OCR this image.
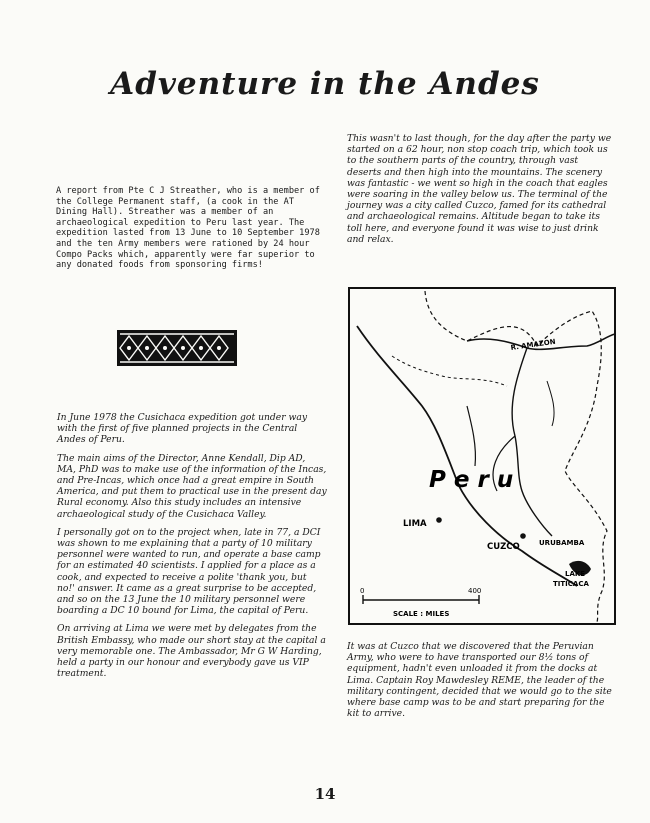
Adventure in the Andes
A report from Pte C J Streather, who is a member of the College Permanent staff, (a cook in the AT Dining Hall). Streather was a member of an archaeological expedition to Peru last year. The expedition lasted from 13 June to 10 September 1978 and the ten Army members were rationed by 24 hour Compo Packs which, apparently were far superior to any donated foods from sponsoring firms!
This wasn't to last though, for the day after the party we started on a 62 hour, non stop coach trip, which took us to the southern parts of the country, through vast deserts and then high into the mountains. The scenery was fantastic - we went so high in the coach that eagles were soaring in the valley below us. The terminal of the journey was a city called Cuzco, famed for its cathedral and archaeological remains. Altitude began to take its toll here, and everyone found it was wise to just drink and relax.

In June 1978 the Cusichaca expedition got under way with the first of five planned projects in the Central Andes of Peru.

The main aims of the Director, Anne Kendall, Dip AD, MA, PhD was to make use of the information of the Incas, and Pre-Incas, which once had a great empire in South America, and put them to practical use in the present day Rural economy. Also this study includes an intensive archaeological study of the Cusichaca Valley.

I personally got on to the project when, late in 77, a DCI was shown to me explaining that a party of 10 military personnel were wanted to run, and operate a base camp for an estimated 40 scientists. I applied for a place as a cook, and expected to receive a polite 'thank you, but no!' answer. It came as a great surprise to be accepted, and so on the 13 June the 10 military personnel were boarding a DC 10 bound for Lima, the capital of Peru.

On arriving at Lima we were met by delegates from the British Embassy, who made our short stay at the capital a very memorable one. The Ambassador, Mr G W Harding, held a party in our honour and everybody gave us VIP treatment.

P e r u
LIMA
CUZCO	URUBAMBA
R. AMAZON
LAKE
TITICACA
0	400
SCALE : MILES
It was at Cuzco that we discovered that the Peruvian Army, who were to have transported our 8½ tons of equipment, hadn't even unloaded it from the docks at Lima. Captain Roy Mawdesley REME, the leader of the military contingent, decided that we would go to the site where base camp was to be and start preparing for the kit to arrive.
14
